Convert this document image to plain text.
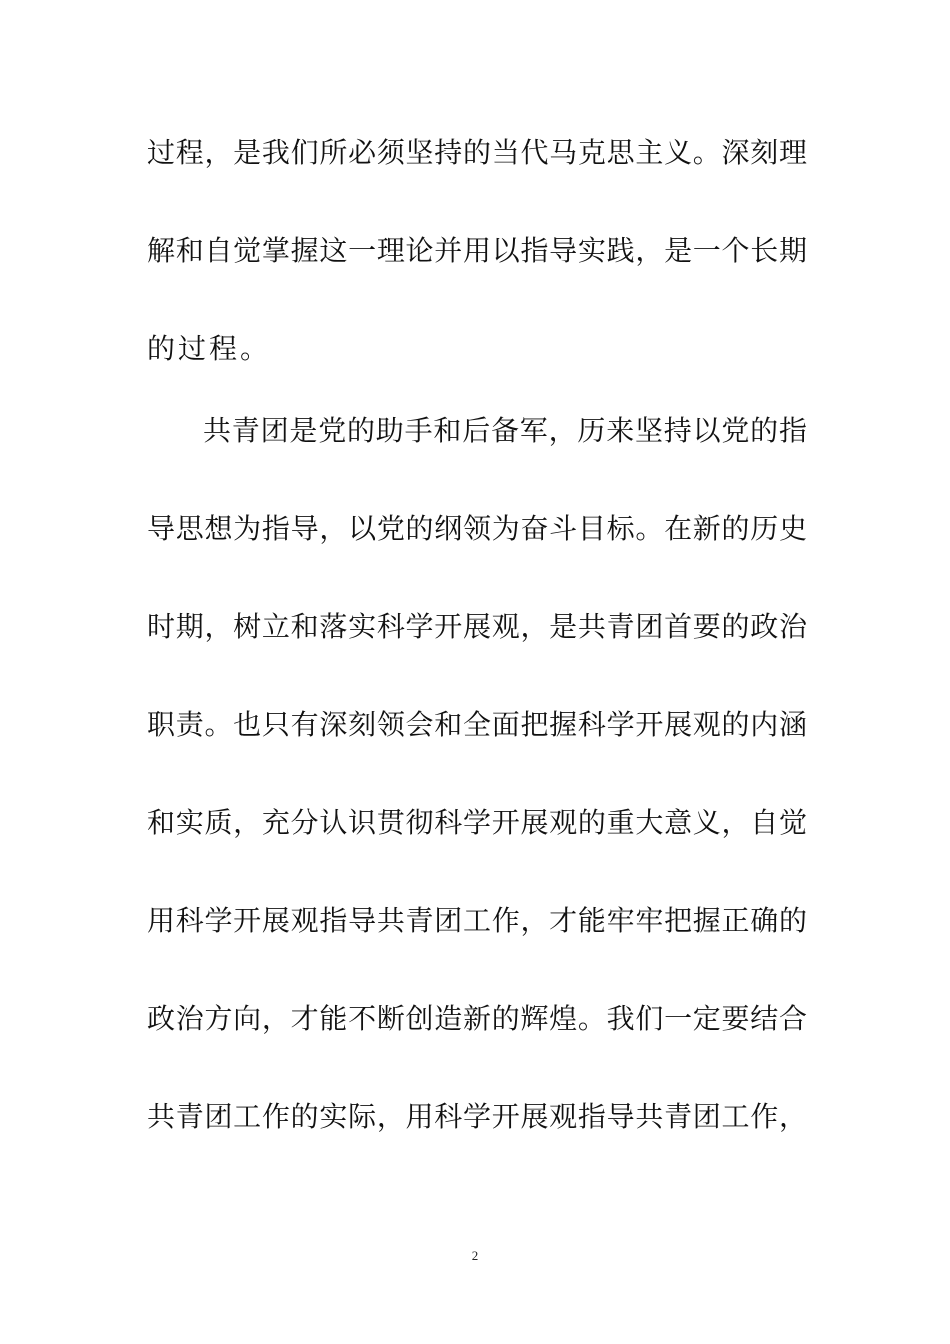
过程，是我们所必须坚持的当代马克思主义。深刻理
解和自觉掌握这一理论并用以指导实践，是一个长期
的过程。
共青团是党的助手和后备军，历来坚持以党的指
导思想为指导，以党的纲领为奋斗目标。在新的历史
时期，树立和落实科学开展观，是共青团首要的政治
职责。也只有深刻领会和全面把握科学开展观的内涵
和实质，充分认识贯彻科学开展观的重大意义，自觉
用科学开展观指导共青团工作，才能牢牢把握正确的
政治方向，才能不断创造新的辉煌。我们一定要结合
共青团工作的实际，用科学开展观指导共青团工作，
2
